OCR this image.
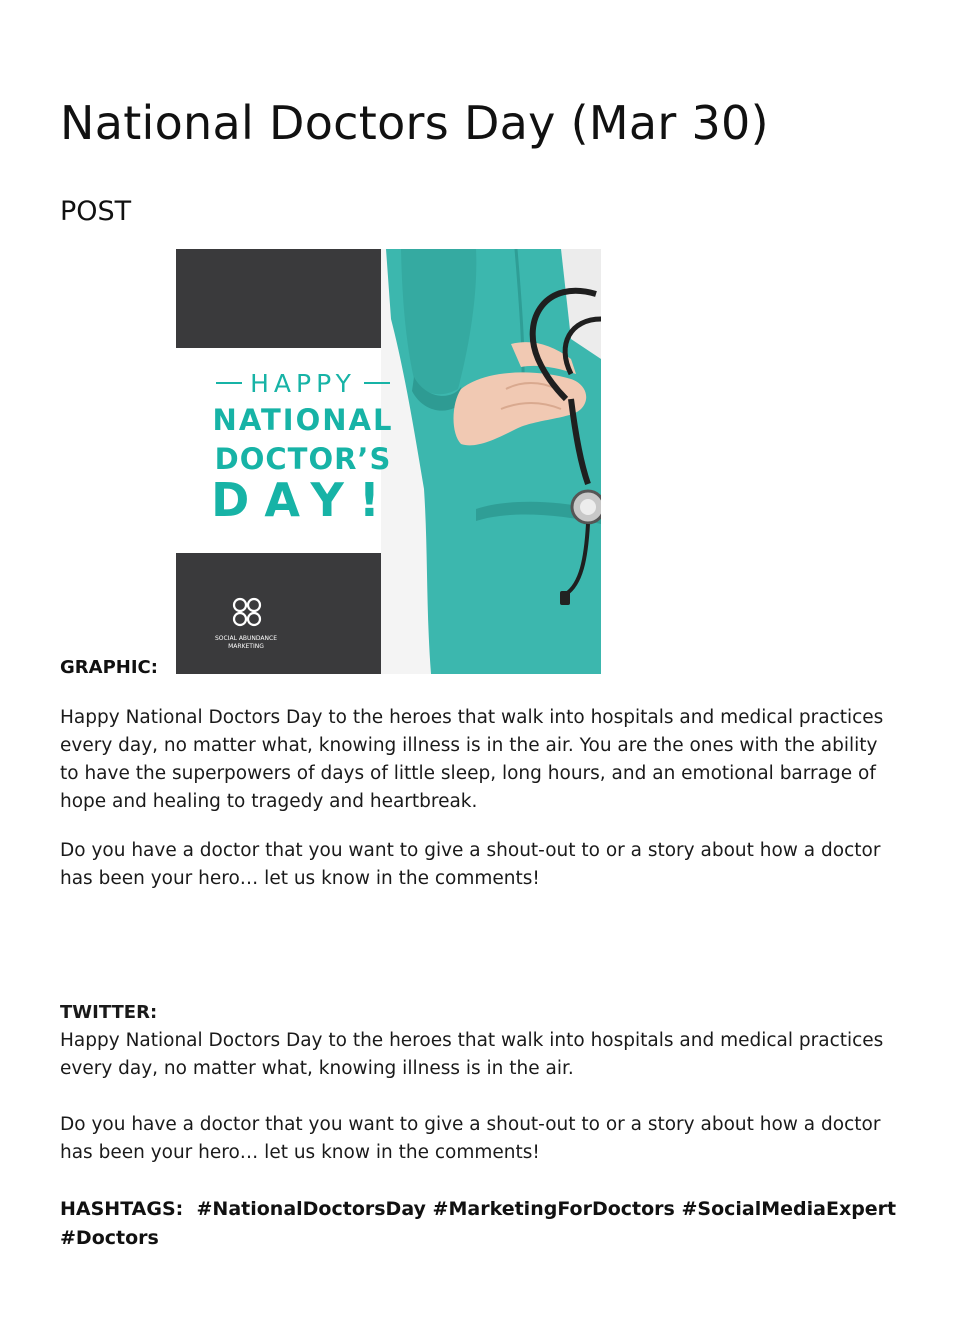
National Doctors Day (Mar 30)
POST
GRAPHIC:
HAPPY
NATIONAL
DOCTOR’S
DAY!
SOCIAL ABUNDANCE
MARKETING

Happy National Doctors Day to the heroes that walk into hospitals and medical practices every day, no matter what, knowing illness is in the air. You are the ones with the ability to have the superpowers of days of little sleep, long hours, and an emotional barrage of hope and healing to tragedy and heartbreak.

Do you have a doctor that you want to give a shout-out to or a story about how a doctor has been your hero… let us know in the comments!

TWITTER:

Happy National Doctors Day to the heroes that walk into hospitals and medical practices every day, no matter what, knowing illness is in the air.

Do you have a doctor that you want to give a shout-out to or a story about how a doctor has been your hero… let us know in the comments!

HASHTAGS: #NationalDoctorsDay #MarketingForDoctors #SocialMediaExpert #Doctors
